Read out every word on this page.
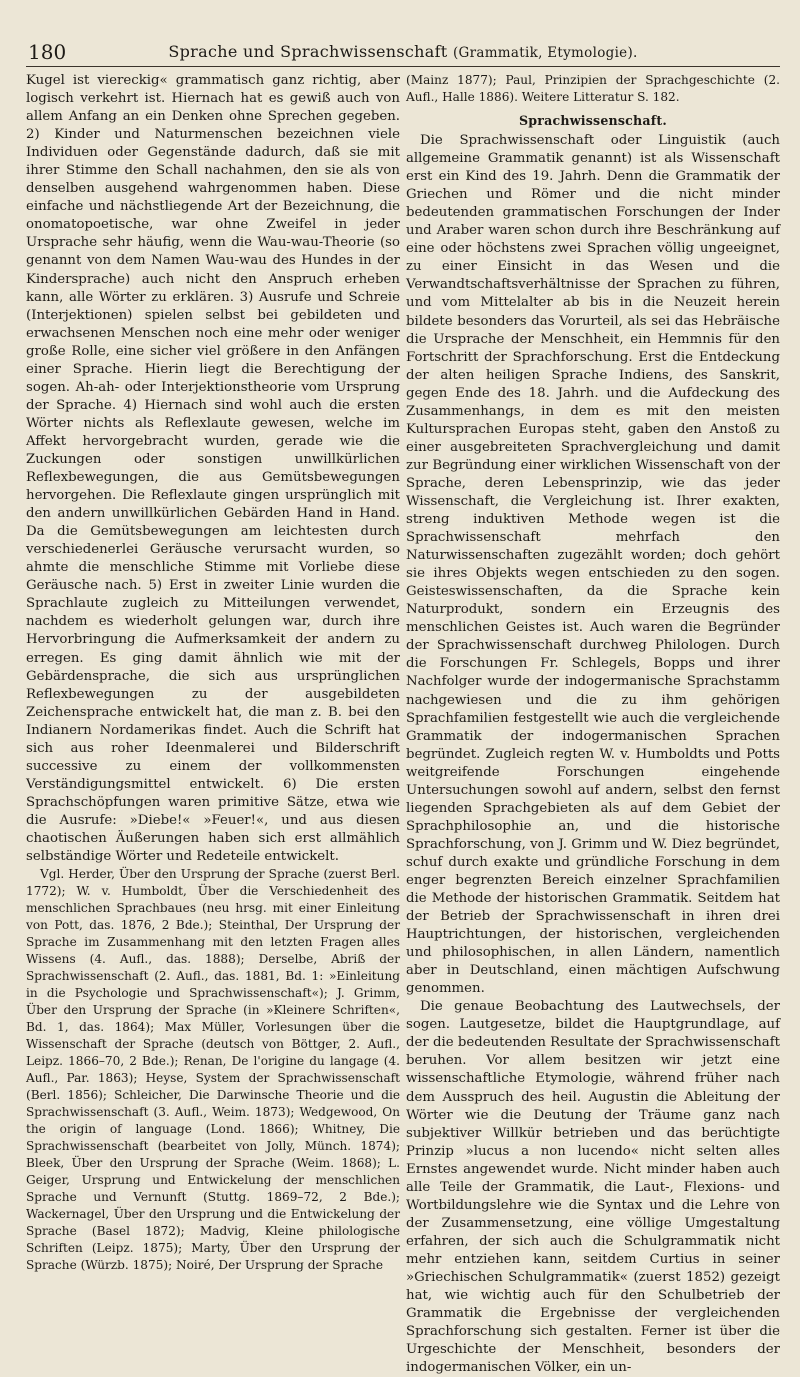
180	Sprache und Sprachwissenschaft (Grammatik, Etymologie).

Kugel ist viereckig« grammatisch ganz richtig, aber logisch verkehrt ist. Hiernach hat es gewiß auch von allem Anfang an ein Denken ohne Sprechen gegeben. 2) Kinder und Naturmenschen bezeichnen viele Individuen oder Gegenstände dadurch, daß sie mit ihrer Stimme den Schall nachahmen, den sie als von denselben ausgehend wahrgenommen haben. Diese einfache und nächstliegende Art der Bezeichnung, die onomatopoetische, war ohne Zweifel in jeder Ursprache sehr häufig, wenn die Wau-wau-Theorie (so genannt von dem Namen Wau-wau des Hundes in der Kindersprache) auch nicht den Anspruch erheben kann, alle Wörter zu erklären. 3) Ausrufe und Schreie (Interjektionen) spielen selbst bei gebildeten und erwachsenen Menschen noch eine mehr oder weniger große Rolle, eine sicher viel größere in den Anfängen einer Sprache. Hierin liegt die Berechtigung der sogen. Ah-ah- oder Interjektionstheorie vom Ursprung der Sprache. 4) Hiernach sind wohl auch die ersten Wörter nichts als Reflexlaute gewesen, welche im Affekt hervorgebracht wurden, gerade wie die Zuckungen oder sonstigen unwillkürlichen Reflexbewegungen, die aus Gemütsbewegungen hervorgehen. Die Reflexlaute gingen ursprünglich mit den andern unwillkürlichen Gebärden Hand in Hand. Da die Gemütsbewegungen am leichtesten durch verschiedenerlei Geräusche verursacht wurden, so ahmte die menschliche Stimme mit Vorliebe diese Geräusche nach. 5) Erst in zweiter Linie wurden die Sprachlaute zugleich zu Mitteilungen verwendet, nachdem es wiederholt gelungen war, durch ihre Hervorbringung die Aufmerksamkeit der andern zu erregen. Es ging damit ähnlich wie mit der Gebärdensprache, die sich aus ursprünglichen Reflexbewegungen zu der ausgebildeten Zeichensprache entwickelt hat, die man z. B. bei den Indianern Nordamerikas findet. Auch die Schrift hat sich aus roher Ideenmalerei und Bilderschrift successive zu einem der vollkommensten Verständigungsmittel entwickelt. 6) Die ersten Sprachschöpfungen waren primitive Sätze, etwa wie die Ausrufe: »Diebe!« »Feuer!«, und aus diesen chaotischen Äußerungen haben sich erst allmählich selbständige Wörter und Redeteile entwickelt.

Vgl. Herder, Über den Ursprung der Sprache (zuerst Berl. 1772); W. v. Humboldt, Über die Verschiedenheit des menschlichen Sprachbaues (neu hrsg. mit einer Einleitung von Pott, das. 1876, 2 Bde.); Steinthal, Der Ursprung der Sprache im Zusammenhang mit den letzten Fragen alles Wissens (4. Aufl., das. 1888); Derselbe, Abriß der Sprachwissenschaft (2. Aufl., das. 1881, Bd. 1: »Einleitung in die Psychologie und Sprachwissenschaft«); J. Grimm, Über den Ursprung der Sprache (in »Kleinere Schriften«, Bd. 1, das. 1864); Max Müller, Vorlesungen über die Wissenschaft der Sprache (deutsch von Böttger, 2. Aufl., Leipz. 1866–70, 2 Bde.); Renan, De l'origine du langage (4. Aufl., Par. 1863); Heyse, System der Sprachwissenschaft (Berl. 1856); Schleicher, Die Darwinsche Theorie und die Sprachwissenschaft (3. Aufl., Weim. 1873); Wedgewood, On the origin of language (Lond. 1866); Whitney, Die Sprachwissenschaft (bearbeitet von Jolly, Münch. 1874); Bleek, Über den Ursprung der Sprache (Weim. 1868); L. Geiger, Ursprung und Entwickelung der menschlichen Sprache und Vernunft (Stuttg. 1869–72, 2 Bde.); Wackernagel, Über den Ursprung und die Entwickelung der Sprache (Basel 1872); Madvig, Kleine philologische Schriften (Leipz. 1875); Marty, Über den Ursprung der Sprache (Würzb. 1875); Noiré, Der Ursprung der Sprache

(Mainz 1877); Paul, Prinzipien der Sprachgeschichte (2. Aufl., Halle 1886). Weitere Litteratur S. 182.

Sprachwissenschaft.

Die Sprachwissenschaft oder Linguistik (auch allgemeine Grammatik genannt) ist als Wissenschaft erst ein Kind des 19. Jahrh. Denn die Grammatik der Griechen und Römer und die nicht minder bedeutenden grammatischen Forschungen der Inder und Araber waren schon durch ihre Beschränkung auf eine oder höchstens zwei Sprachen völlig ungeeignet, zu einer Einsicht in das Wesen und die Verwandtschaftsverhältnisse der Sprachen zu führen, und vom Mittelalter ab bis in die Neuzeit herein bildete besonders das Vorurteil, als sei das Hebräische die Ursprache der Menschheit, ein Hemmnis für den Fortschritt der Sprachforschung. Erst die Entdeckung der alten heiligen Sprache Indiens, des Sanskrit, gegen Ende des 18. Jahrh. und die Aufdeckung des Zusammenhangs, in dem es mit den meisten Kultursprachen Europas steht, gaben den Anstoß zu einer ausgebreiteten Sprachvergleichung und damit zur Begründung einer wirklichen Wissenschaft von der Sprache, deren Lebensprinzip, wie das jeder Wissenschaft, die Vergleichung ist. Ihrer exakten, streng induktiven Methode wegen ist die Sprachwissenschaft mehrfach den Naturwissenschaften zugezählt worden; doch gehört sie ihres Objekts wegen entschieden zu den sogen. Geisteswissenschaften, da die Sprache kein Naturprodukt, sondern ein Erzeugnis des menschlichen Geistes ist. Auch waren die Begründer der Sprachwissenschaft durchweg Philologen. Durch die Forschungen Fr. Schlegels, Bopps und ihrer Nachfolger wurde der indogermanische Sprachstamm nachgewiesen und die zu ihm gehörigen Sprachfamilien festgestellt wie auch die vergleichende Grammatik der indogermanischen Sprachen begründet. Zugleich regten W. v. Humboldts und Potts weitgreifende Forschungen eingehende Untersuchungen sowohl auf andern, selbst den fernst liegenden Sprachgebieten als auf dem Gebiet der Sprachphilosophie an, und die historische Sprachforschung, von J. Grimm und W. Diez begründet, schuf durch exakte und gründliche Forschung in dem enger begrenzten Bereich einzelner Sprachfamilien die Methode der historischen Grammatik. Seitdem hat der Betrieb der Sprachwissenschaft in ihren drei Hauptrichtungen, der historischen, vergleichenden und philosophischen, in allen Ländern, namentlich aber in Deutschland, einen mächtigen Aufschwung genommen.

Die genaue Beobachtung des Lautwechsels, der sogen. Lautgesetze, bildet die Hauptgrundlage, auf der die bedeutenden Resultate der Sprachwissenschaft beruhen. Vor allem besitzen wir jetzt eine wissenschaftliche Etymologie, während früher nach dem Ausspruch des heil. Augustin die Ableitung der Wörter wie die Deutung der Träume ganz nach subjektiver Willkür betrieben und das berüchtigte Prinzip »lucus a non lucendo« nicht selten alles Ernstes angewendet wurde. Nicht minder haben auch alle Teile der Grammatik, die Laut-, Flexions- und Wortbildungslehre wie die Syntax und die Lehre von der Zusammensetzung, eine völlige Umgestaltung erfahren, der sich auch die Schulgrammatik nicht mehr entziehen kann, seitdem Curtius in seiner »Griechischen Schulgrammatik« (zuerst 1852) gezeigt hat, wie wichtig auch für den Schulbetrieb der Grammatik die Ergebnisse der vergleichenden Sprachforschung sich gestalten. Ferner ist über die Urgeschichte der Menschheit, besonders der indogermanischen Völker, ein un-
